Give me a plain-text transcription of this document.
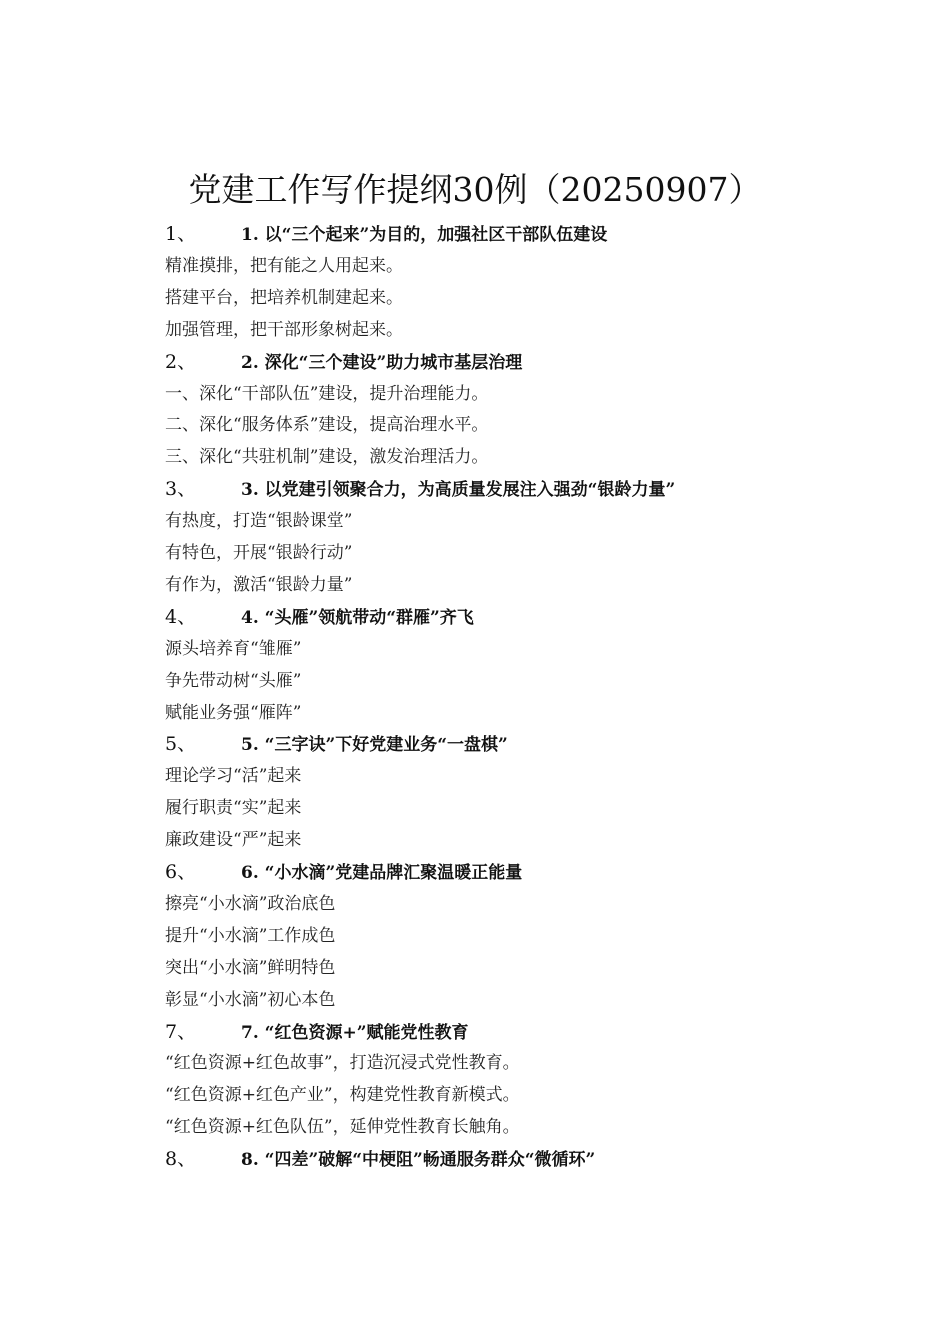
党建工作写作提纲30例（20250907）
1、	1. 以“三个起来”为目的，加强社区干部队伍建设
精准摸排，把有能之人用起来。
搭建平台，把培养机制建起来。
加强管理，把干部形象树起来。
2、	2. 深化“三个建设”助力城市基层治理
一、深化“干部队伍”建设，提升治理能力。
二、深化“服务体系”建设，提高治理水平。
三、深化“共驻机制”建设，激发治理活力。
3、	3. 以党建引领聚合力，为高质量发展注入强劲“银龄力量”
有热度，打造“银龄课堂”
有特色，开展“银龄行动”
有作为，激活“银龄力量”
4、	4. “头雁”领航带动“群雁”齐飞
源头培养育“雏雁”
争先带动树“头雁”
赋能业务强“雁阵”
5、	5. “三字诀”下好党建业务“一盘棋”
理论学习“活”起来
履行职责“实”起来
廉政建设“严”起来
6、	6. “小水滴”党建品牌汇聚温暖正能量
擦亮“小水滴”政治底色
提升“小水滴”工作成色
突出“小水滴”鲜明特色
彰显“小水滴”初心本色
7、	7. “红色资源+”赋能党性教育
“红色资源+红色故事”，打造沉浸式党性教育。
“红色资源+红色产业”，构建党性教育新模式。
“红色资源+红色队伍”，延伸党性教育长触角。
8、	8. “四差”破解“中梗阻”畅通服务群众“微循环”
